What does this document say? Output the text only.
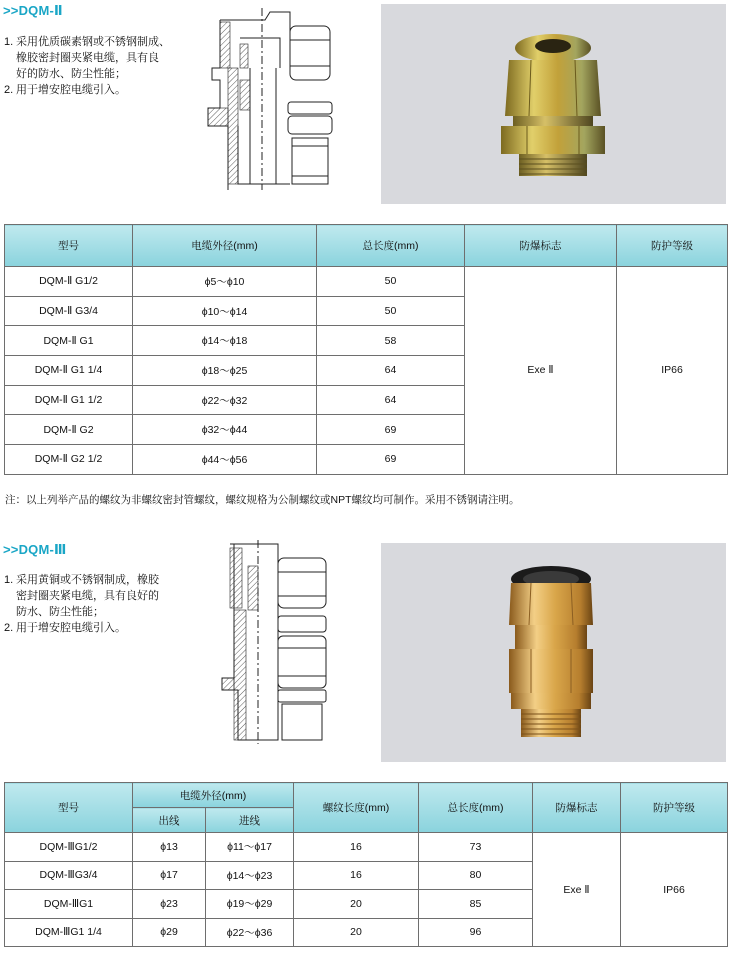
>>DQM-Ⅱ
1. 采用优质碳素钢或不锈钢制成、
橡胶密封圈夹紧电缆，具有良
好的防水、防尘性能；
2. 用于增安腔电缆引入。
型号	电缆外径(mm)	总长度(mm)	防爆标志	防护等级
DQM-Ⅱ G1/2	ϕ5～ϕ10	50	Exe Ⅱ	IP66
DQM-Ⅱ G3/4	ϕ10～ϕ14	50		
DQM-Ⅱ G1	ϕ14～ϕ18	58		
DQM-Ⅱ G1 1/4	ϕ18～ϕ25	64		
DQM-Ⅱ G1 1/2	ϕ22～ϕ32	64		
DQM-Ⅱ G2	ϕ32～ϕ44	69		
DQM-Ⅱ G2 1/2	ϕ44～ϕ56	69		
注：以上列举产品的螺纹为非螺纹密封管螺纹，螺纹规格为公制螺纹或NPT螺纹均可制作。采用不锈钢请注明。
>>DQM-Ⅲ
1. 采用黄铜或不锈钢制成，橡胶
密封圈夹紧电缆，具有良好的
防水、防尘性能；
2. 用于增安腔电缆引入。
型号	电缆外径(mm)		螺纹长度(mm)	总长度(mm)	防爆标志	防护等级
	出线	进线				
DQM-ⅢG1/2	ϕ13	ϕ11～ϕ17	16	73	Exe Ⅱ	IP66
DQM-ⅢG3/4	ϕ17	ϕ14～ϕ23	16	80		
DQM-ⅢG1	ϕ23	ϕ19～ϕ29	20	85		
DQM-ⅢG1 1/4	ϕ29	ϕ22～ϕ36	20	96		
